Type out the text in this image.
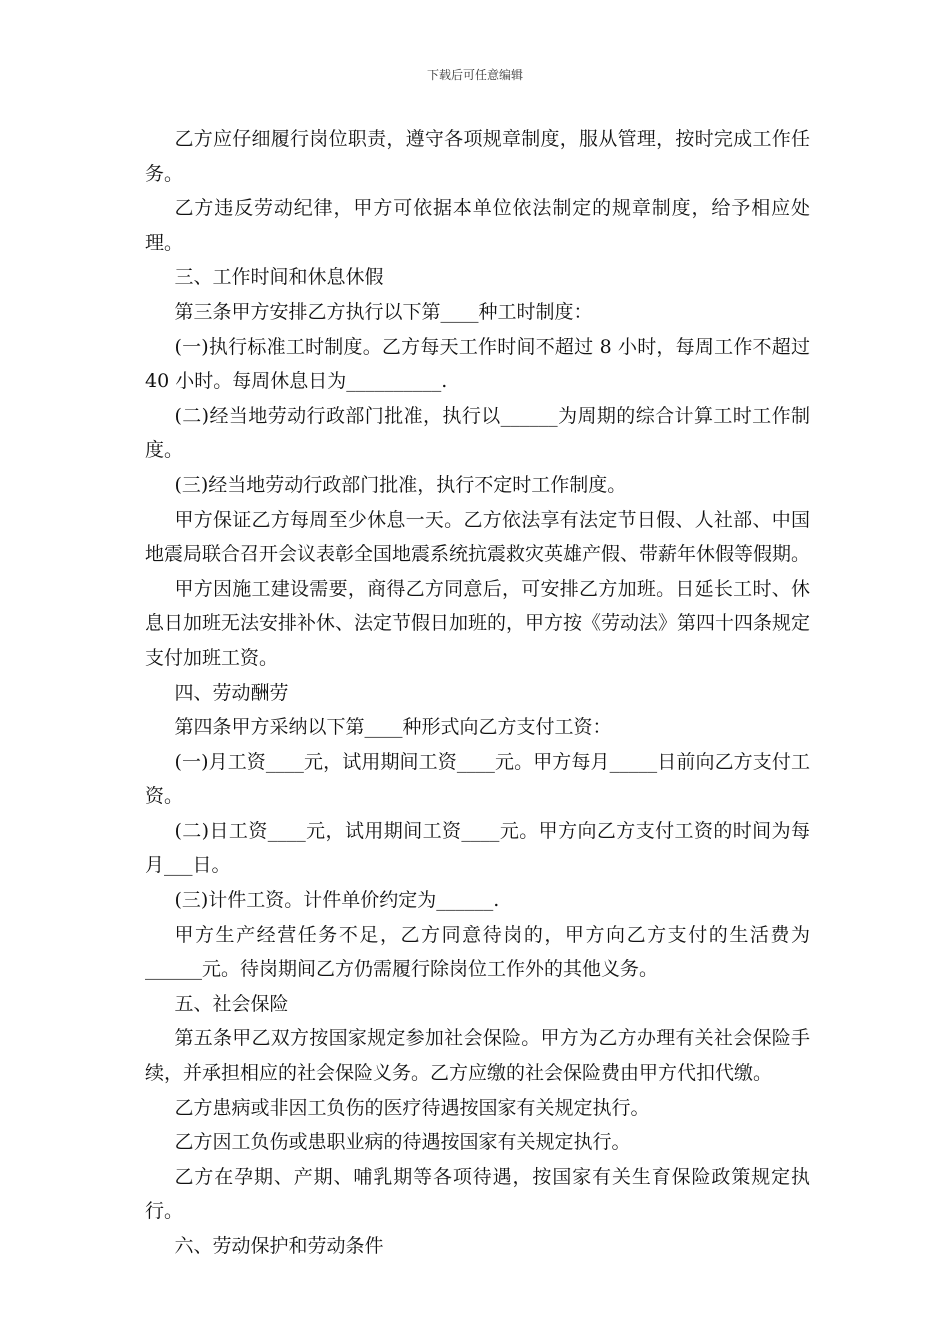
下载后可任意编辑

乙方应仔细履行岗位职责，遵守各项规章制度，服从管理，按时完成工作任务。

乙方违反劳动纪律，甲方可依据本单位依法制定的规章制度，给予相应处理。

三、工作时间和休息休假

第三条甲方安排乙方执行以下第____种工时制度：

(一)执行标准工时制度。乙方每天工作时间不超过 8 小时，每周工作不超过 40 小时。每周休息日为__________.

(二)经当地劳动行政部门批准，执行以______为周期的综合计算工时工作制度。

(三)经当地劳动行政部门批准，执行不定时工作制度。

甲方保证乙方每周至少休息一天。乙方依法享有法定节日假、人社部、中国地震局联合召开会议表彰全国地震系统抗震救灾英雄产假、带薪年休假等假期。

甲方因施工建设需要，商得乙方同意后，可安排乙方加班。日延长工时、休息日加班无法安排补休、法定节假日加班的，甲方按《劳动法》第四十四条规定支付加班工资。

四、劳动酬劳

第四条甲方采纳以下第____种形式向乙方支付工资：

(一)月工资____元，试用期间工资____元。甲方每月_____日前向乙方支付工资。

(二)日工资____元，试用期间工资____元。甲方向乙方支付工资的时间为每月___日。

(三)计件工资。计件单价约定为______.

甲方生产经营任务不足，乙方同意待岗的，甲方向乙方支付的生活费为______元。待岗期间乙方仍需履行除岗位工作外的其他义务。

五、社会保险

第五条甲乙双方按国家规定参加社会保险。甲方为乙方办理有关社会保险手续，并承担相应的社会保险义务。乙方应缴的社会保险费由甲方代扣代缴。

乙方患病或非因工负伤的医疗待遇按国家有关规定执行。

乙方因工负伤或患职业病的待遇按国家有关规定执行。

乙方在孕期、产期、哺乳期等各项待遇，按国家有关生育保险政策规定执行。

六、劳动保护和劳动条件
